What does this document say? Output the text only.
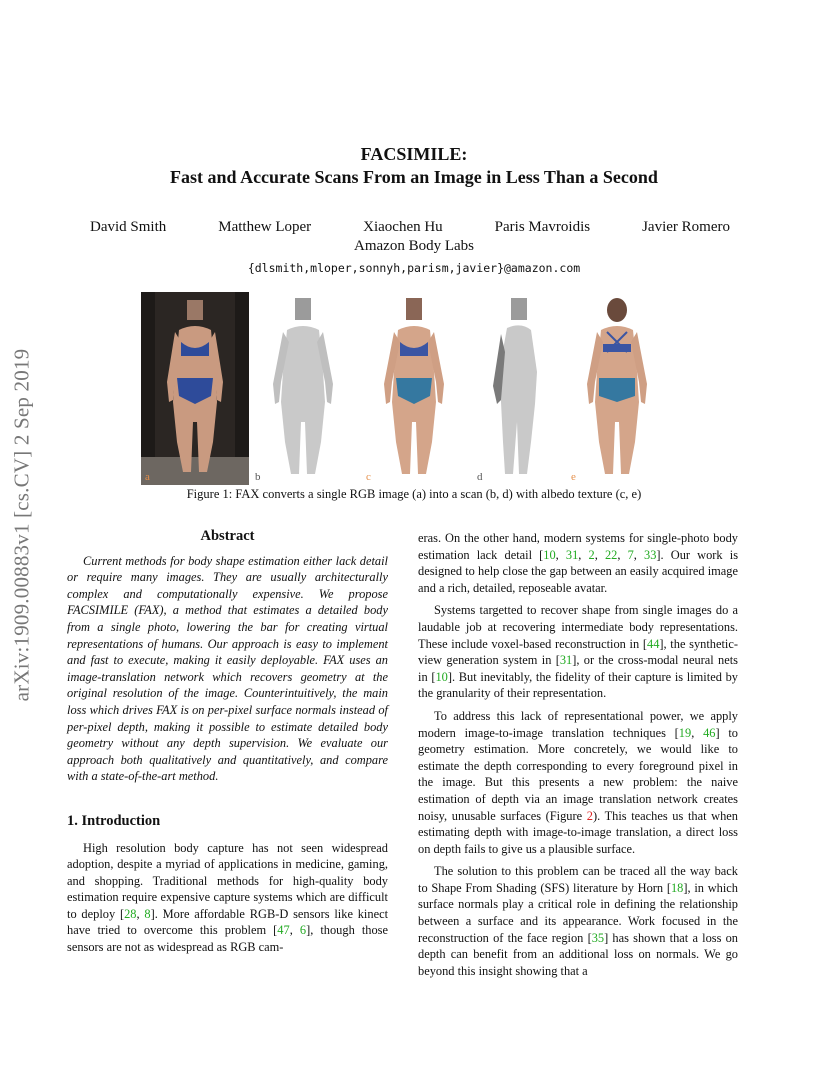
arXiv:1909.00883v1 [cs.CV] 2 Sep 2019
FACSIMILE:
Fast and Accurate Scans From an Image in Less Than a Second
David Smith	Matthew Loper	Xiaochen Hu	Paris Mavroidis	Javier Romero
Amazon Body Labs
{dlsmith,mloper,sonnyh,parism,javier}@amazon.com
a	b	c	d	e
Figure 1: FAX converts a single RGB image (a) into a scan (b, d) with albedo texture (c, e)
Abstract

Current methods for body shape estimation either lack detail or require many images. They are usually architecturally complex and computationally expensive. We propose FACSIMILE (FAX), a method that estimates a detailed body from a single photo, lowering the bar for creating virtual representations of humans. Our approach is easy to implement and fast to execute, making it easily deployable. FAX uses an image-translation network which recovers geometry at the original resolution of the image. Counterintuitively, the main loss which drives FAX is on per-pixel surface normals instead of per-pixel depth, making it possible to estimate detailed body geometry without any depth supervision. We evaluate our approach both qualitatively and quantitatively, and compare with a state-of-the-art method.

1. Introduction

High resolution body capture has not seen widespread adoption, despite a myriad of applications in medicine, gaming, and shopping. Traditional methods for high-quality body estimation require expensive capture systems which are difficult to deploy [28, 8]. More affordable RGB-D sensors like kinect have tried to overcome this problem [47, 6], though those sensors are not as widespread as RGB cam-

eras. On the other hand, modern systems for single-photo body estimation lack detail [10, 31, 2, 22, 7, 33]. Our work is designed to help close the gap between an easily acquired image and a rich, detailed, reposeable avatar.

Systems targetted to recover shape from single images do a laudable job at recovering intermediate body representations. These include voxel-based reconstruction in [44], the synthetic-view generation system in [31], or the cross-modal neural nets in [10]. But inevitably, the fidelity of their capture is limited by the granularity of their representation.

To address this lack of representational power, we apply modern image-to-image translation techniques [19, 46] to geometry estimation. More concretely, we would like to estimate the depth corresponding to every foreground pixel in the image. But this presents a new problem: the naive estimation of depth via an image translation network creates noisy, unusable surfaces (Figure 2). This teaches us that when estimating depth with image-to-image translation, a direct loss on depth fails to give us a plausible surface.

The solution to this problem can be traced all the way back to Shape From Shading (SFS) literature by Horn [18], in which surface normals play a critical role in defining the relationship between a surface and its appearance. Work focused in the reconstruction of the face region [35] has shown that a loss on depth can benefit from an additional loss on normals. We go beyond this insight showing that a
